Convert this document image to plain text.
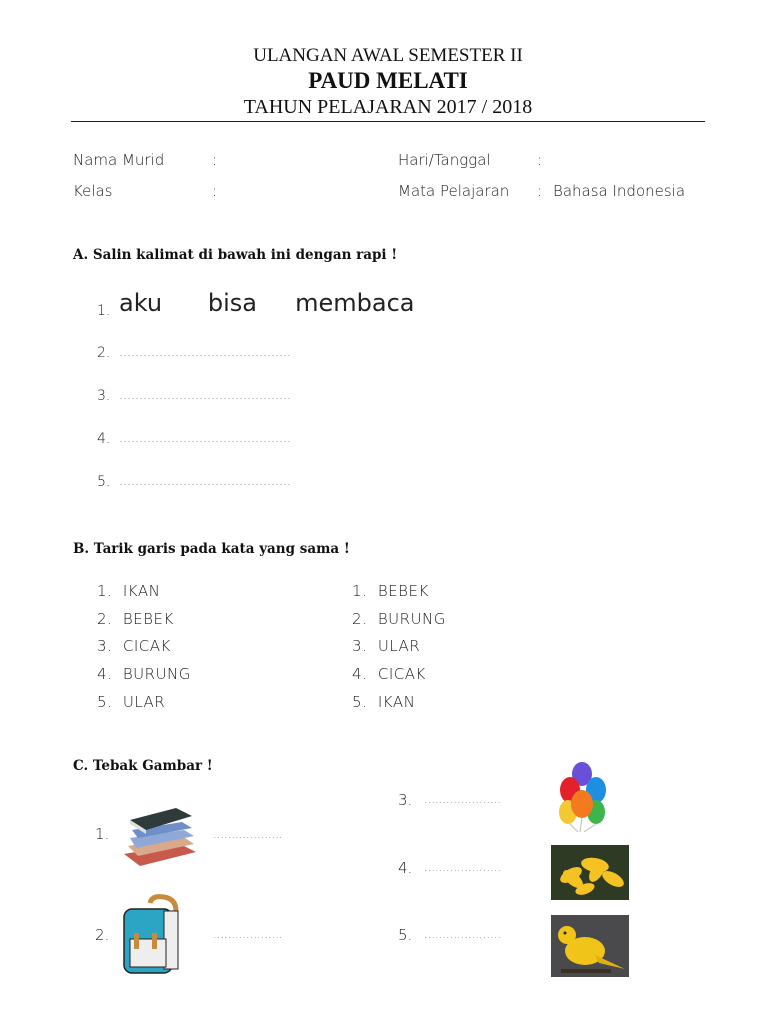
ULANGAN AWAL SEMESTER II
PAUD MELATI
TAHUN PELAJARAN 2017 / 2018
Nama Murid	:
Kelas	:
Hari/Tanggal	:
Mata Pelajaran : Bahasa Indonesia
A. Salin kalimat di bawah ini dengan rapi !
1. aku      bisa     membaca
2. …………………………………….
3. …………………………………….
4. …………………………………….
5. …………………………………….
B. Tarik garis pada kata yang sama !
1.  IKAN
2.  BEBEK
3.  CICAK
4.  BURUNG
5.  ULAR
1.  BEBEK
2.  BURUNG
3.  ULAR
4.  CICAK
5.  IKAN
C. Tebak Gambar !
1.	……………….
2.	……………….
3. …………………
4. …………………
5. …………………
